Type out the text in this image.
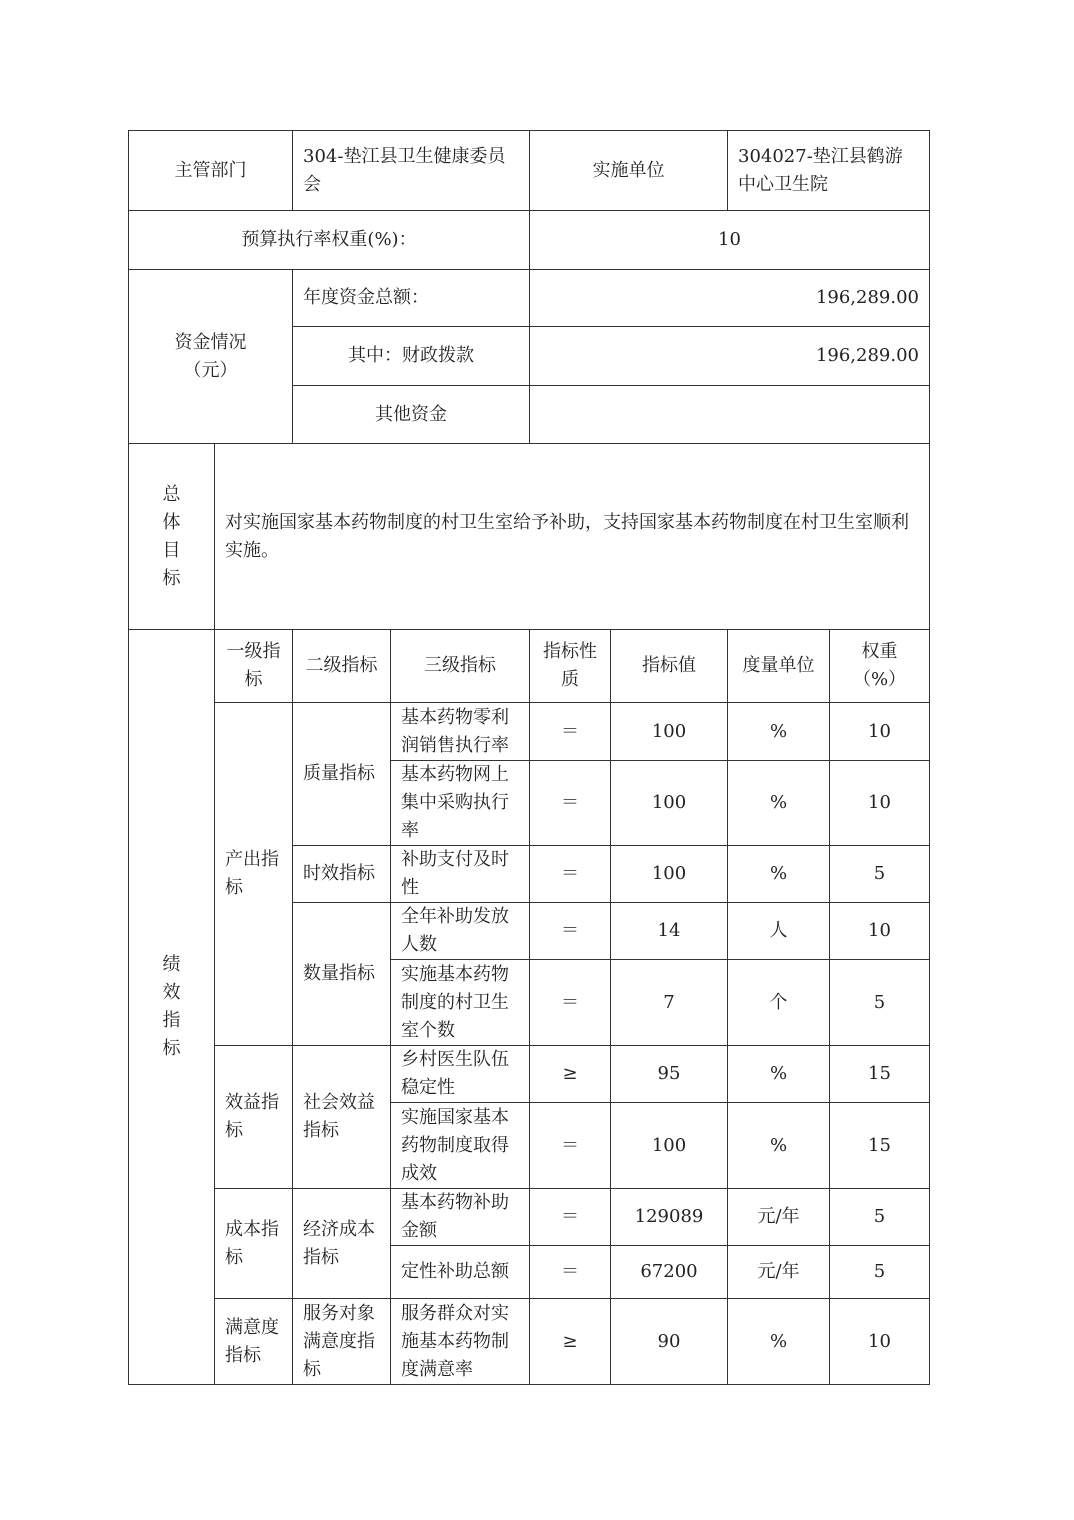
主管部门		304-垫江县卫生健康委员会		实施单位		304027-垫江县鹤游中心卫生院	
预算执行率权重(%)：				10			

资金情况（元）		年度资金总额：		196,289.00			
		其中：财政拨款		196,289.00			
		其他资金					

总体目标	对实施国家基本药物制度的村卫生室给予补助，支持国家基本药物制度在村卫生室顺利实施。						

绩效指标	一级指标	二级指标	三级指标	指标性质	指标值	度量单位	权重（%）
	产出指标	质量指标	基本药物零利润销售执行率	＝	100	%	10
			基本药物网上集中采购执行率	＝	100	%	10
		时效指标	补助支付及时性	＝	100	%	5
		数量指标	全年补助发放人数	＝	14	人	10
			实施基本药物制度的村卫生室个数	＝	7	个	5
	效益指标	社会效益指标	乡村医生队伍稳定性	≥	95	%	15
			实施国家基本药物制度取得成效	＝	100	%	15
	成本指标	经济成本指标	基本药物补助金额	＝	129089	元/年	5
			定性补助总额	＝	67200	元/年	5
	满意度指标	服务对象满意度指标	服务群众对实施基本药物制度满意率	≥	90	%	10
